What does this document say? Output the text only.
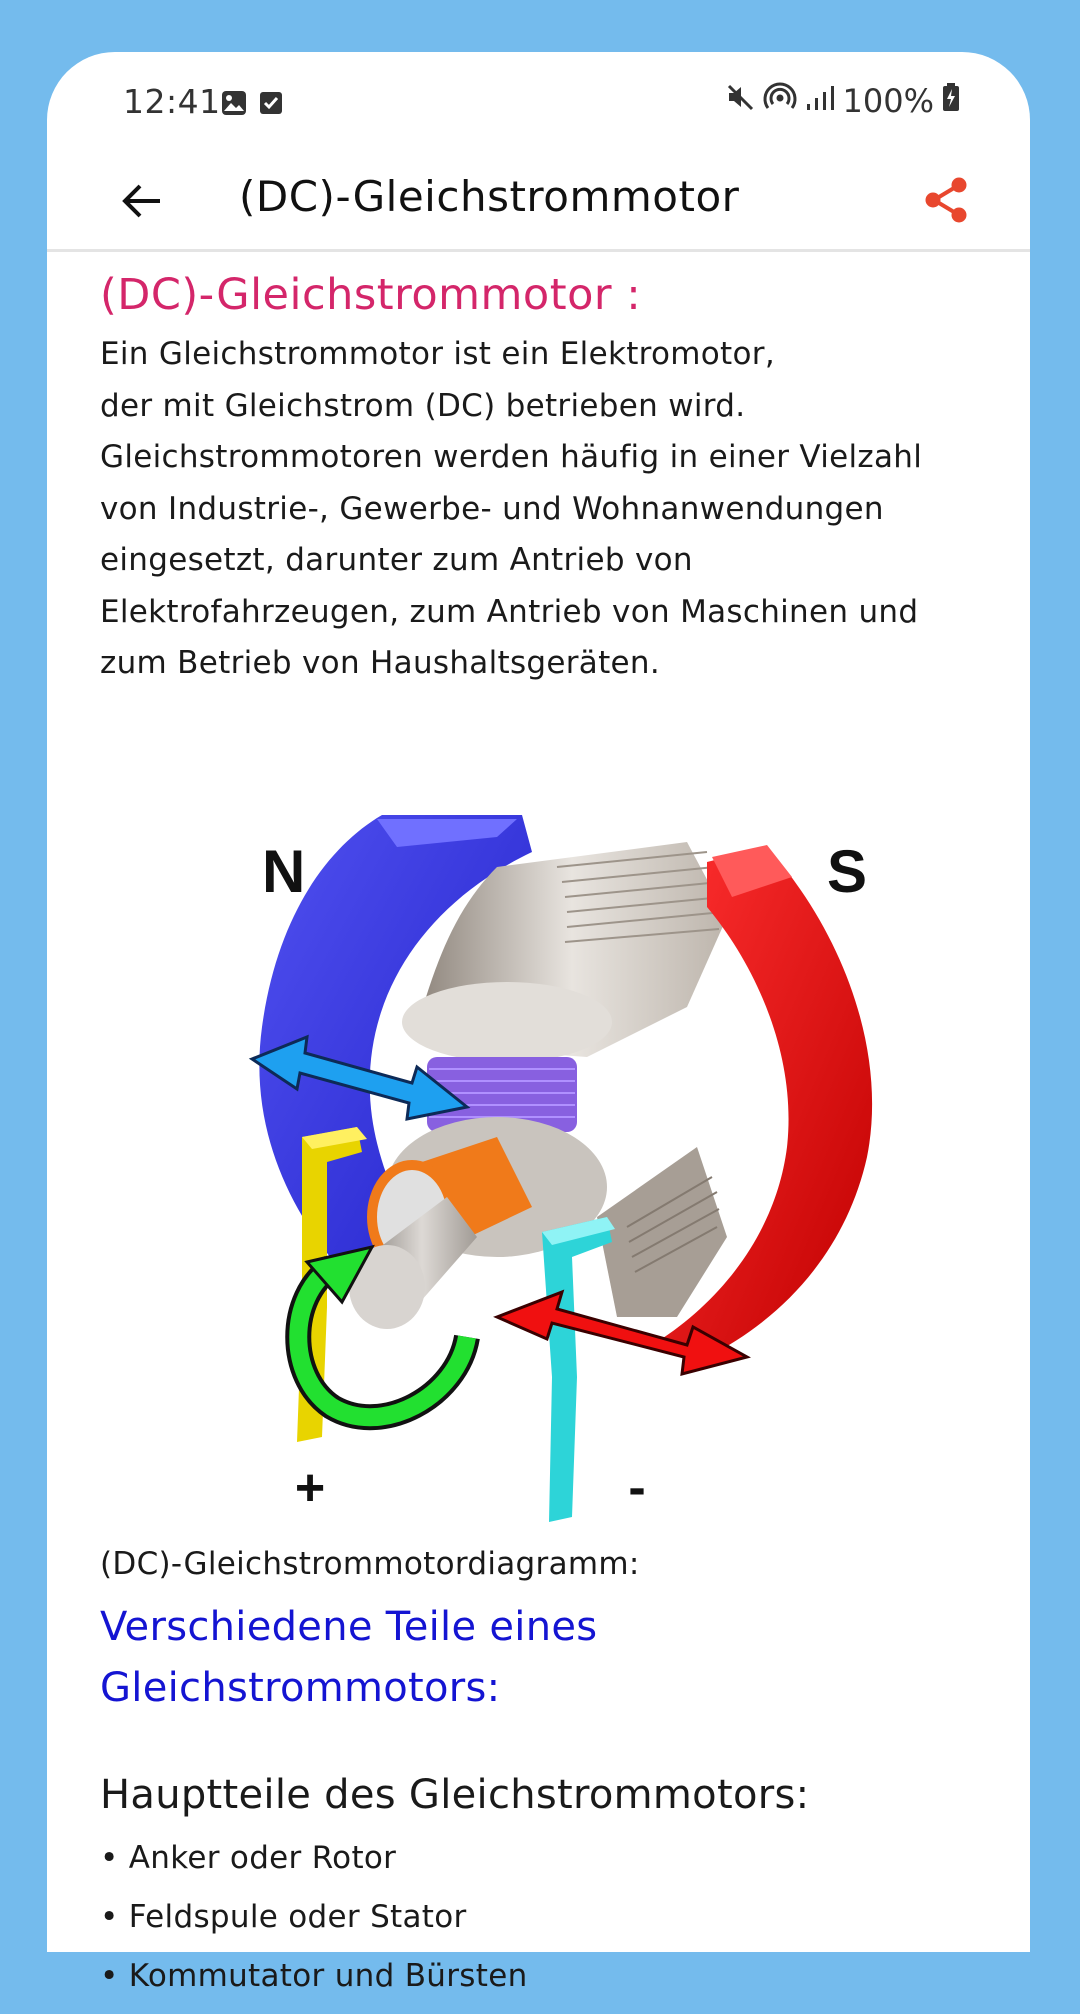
12:41	100%
(DC)-Gleichstrommotor
(DC)-Gleichstrommotor :

Ein Gleichstrommotor ist ein Elektromotor,
der mit Gleichstrom (DC) betrieben wird.
Gleichstrommotoren werden häufig in einer Vielzahl
von Industrie-, Gewerbe- und Wohnanwendungen
eingesetzt, darunter zum Antrieb von
Elektrofahrzeugen, zum Antrieb von Maschinen und
zum Betrieb von Haushaltsgeräten.

N	S
+	-
(DC)-Gleichstrommotordiagramm:
Verschiedene Teile eines Gleichstrommotors:
Hauptteile des Gleichstrommotors:
• Anker oder Rotor
• Feldspule oder Stator
• Kommutator und Bürsten
